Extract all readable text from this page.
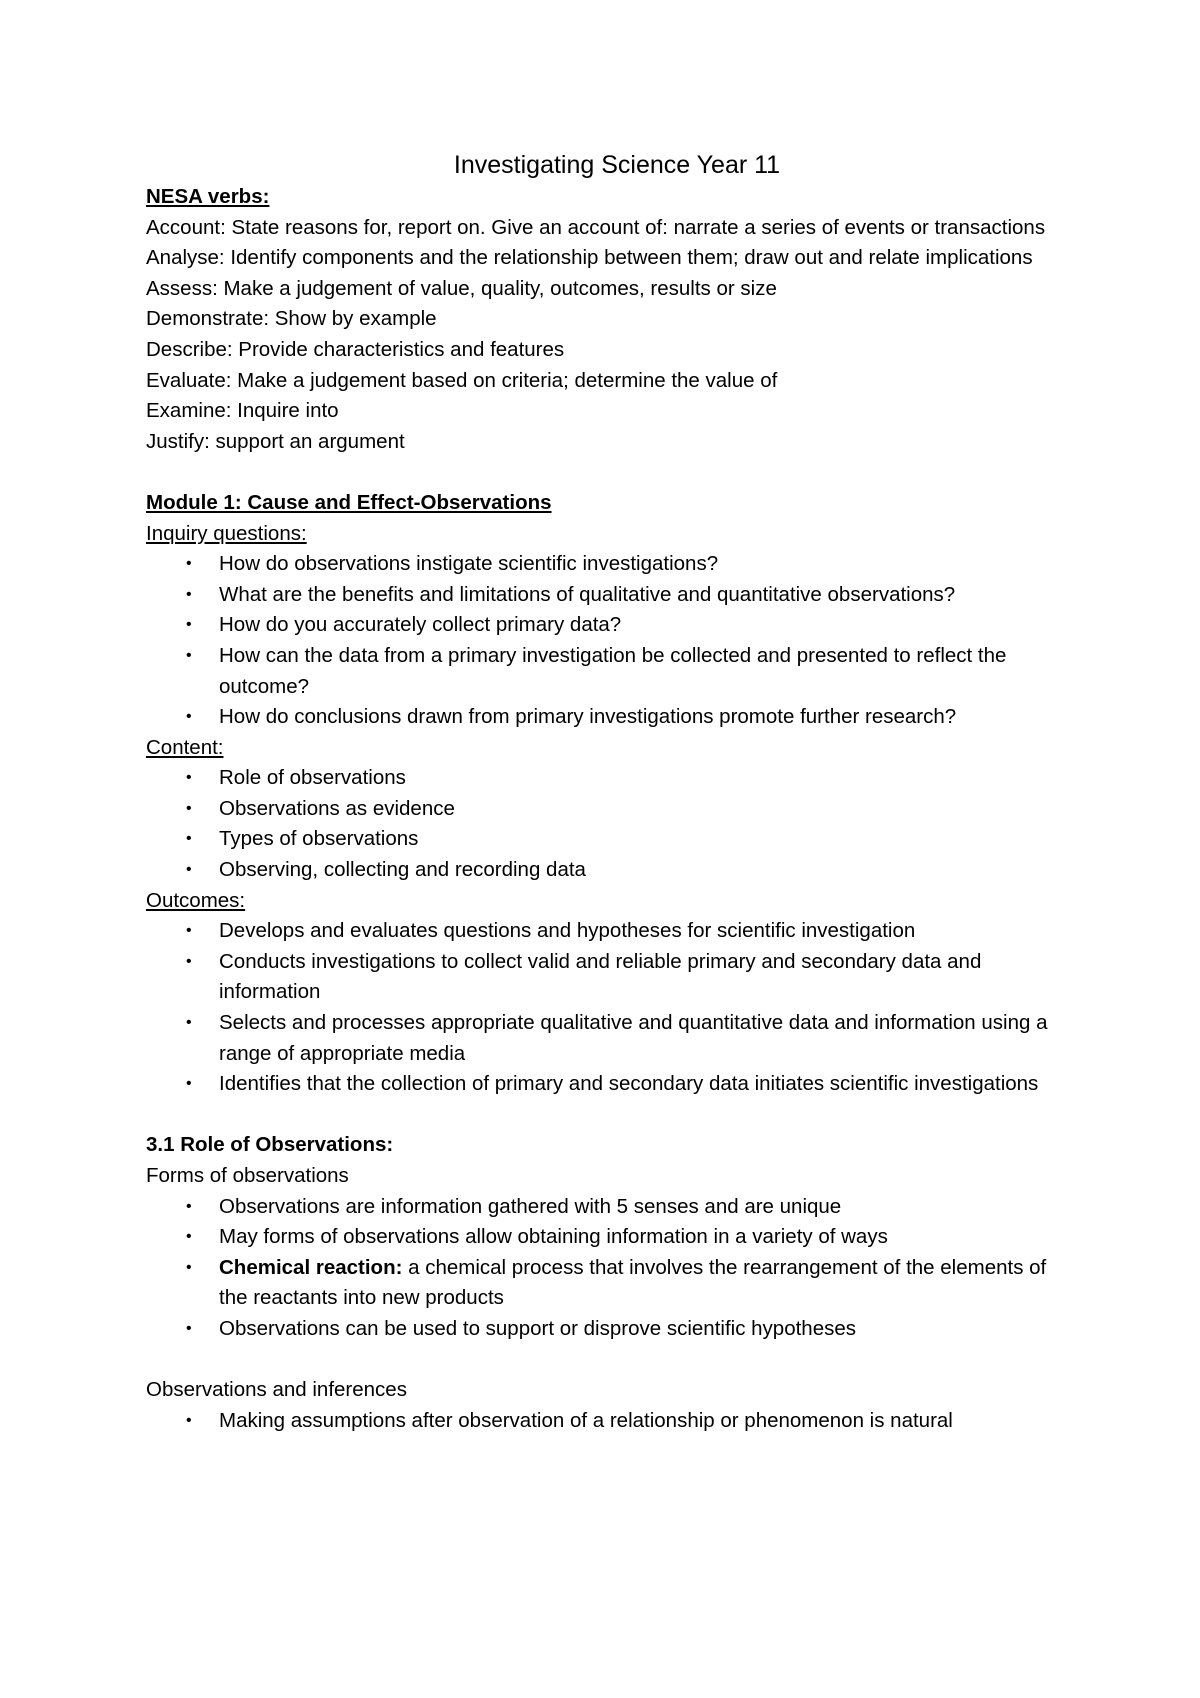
Investigating Science Year 11

NESA verbs:

Account: State reasons for, report on. Give an account of: narrate a series of events or transactions

Analyse: Identify components and the relationship between them; draw out and relate implications

Assess: Make a judgement of value, quality, outcomes, results or size

Demonstrate: Show by example

Describe: Provide characteristics and features

Evaluate: Make a judgement based on criteria; determine the value of

Examine: Inquire into

Justify: support an argument

Module 1: Cause and Effect-Observations

Inquiry questions:

• How do observations instigate scientific investigations?
• What are the benefits and limitations of qualitative and quantitative observations?
• How do you accurately collect primary data?
• How can the data from a primary investigation be collected and presented to reflect the outcome?
• How do conclusions drawn from primary investigations promote further research?

Content:

• Role of observations
• Observations as evidence
• Types of observations
• Observing, collecting and recording data

Outcomes:

• Develops and evaluates questions and hypotheses for scientific investigation
• Conducts investigations to collect valid and reliable primary and secondary data and information
• Selects and processes appropriate qualitative and quantitative data and information using a range of appropriate media
• Identifies that the collection of primary and secondary data initiates scientific investigations

3.1 Role of Observations:

Forms of observations

• Observations are information gathered with 5 senses and are unique
• May forms of observations allow obtaining information in a variety of ways
• Chemical reaction: a chemical process that involves the rearrangement of the elements of the reactants into new products
• Observations can be used to support or disprove scientific hypotheses

Observations and inferences

• Making assumptions after observation of a relationship or phenomenon is natural
